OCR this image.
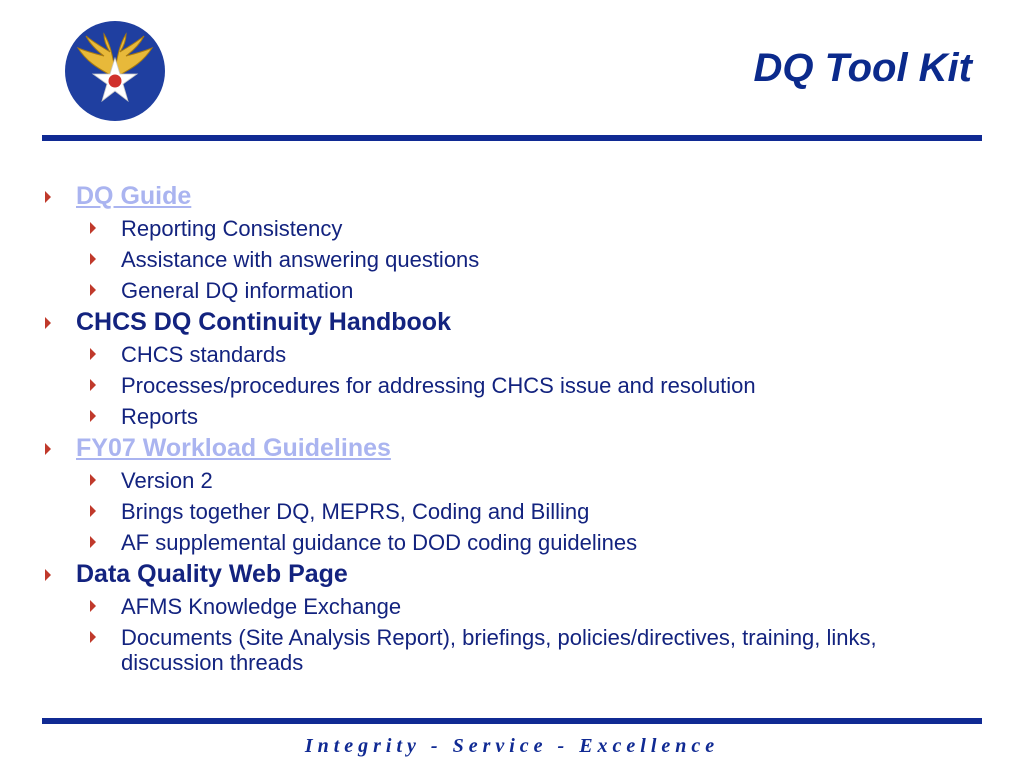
DQ Tool Kit
DQ Guide
Reporting Consistency
Assistance with answering questions
General DQ information
CHCS DQ Continuity Handbook
CHCS standards
Processes/procedures for addressing CHCS issue and resolution
Reports
FY07 Workload Guidelines
Version 2
Brings together DQ, MEPRS, Coding and Billing
AF supplemental guidance to DOD coding guidelines
Data Quality Web Page
AFMS Knowledge Exchange
Documents (Site Analysis Report), briefings, policies/directives, training, links, discussion threads
Integrity - Service - Excellence
